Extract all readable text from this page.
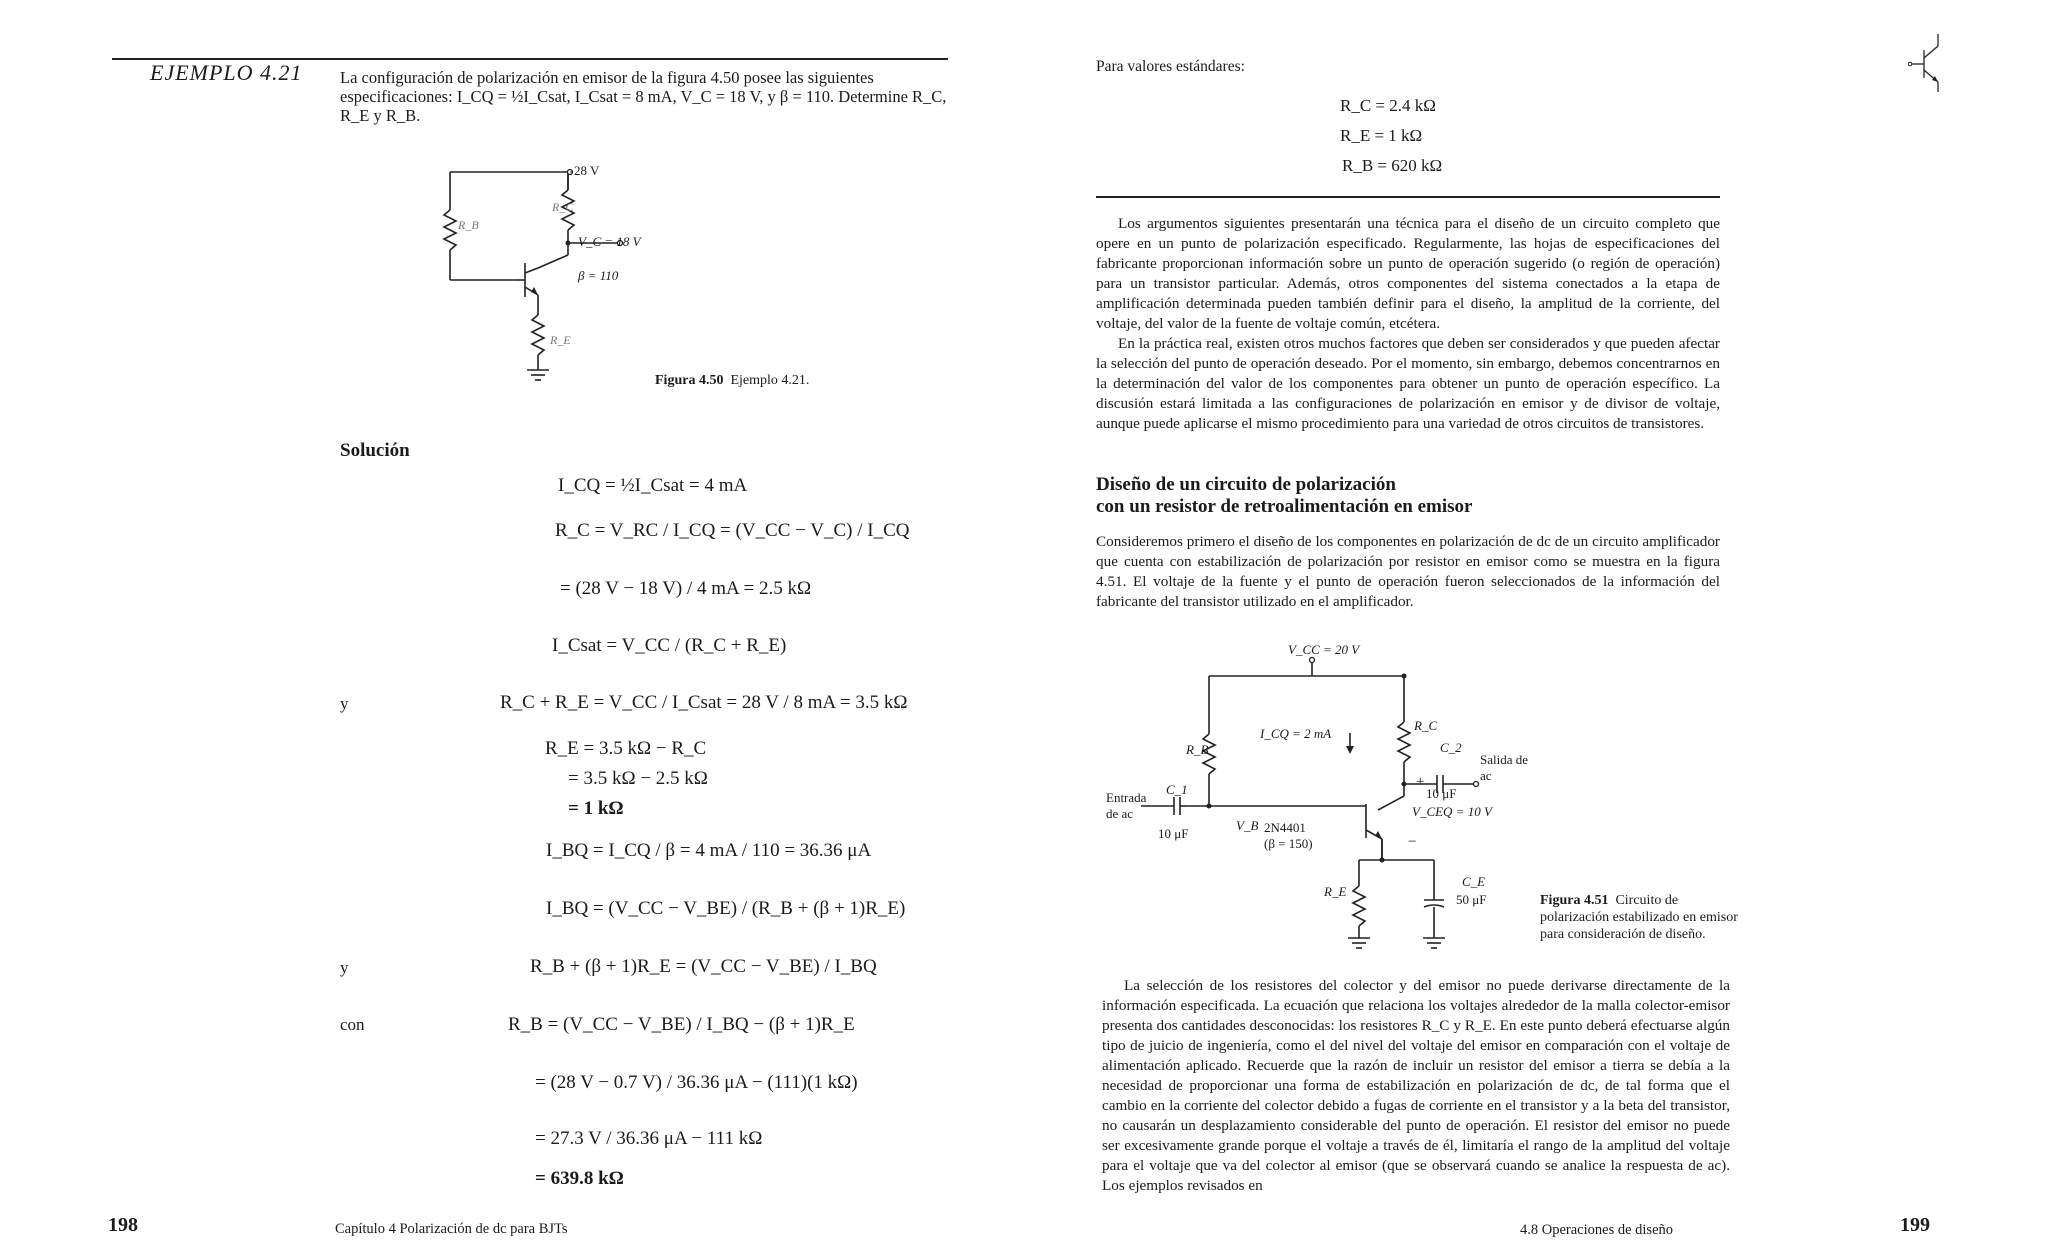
EJEMPLO 4.21 La configuración de polarización en emisor de la figura 4.50 posee las siguientes especificaciones: I_CQ = ½I_Csat, I_Csat = 8 mA, V_C = 18 V, y β = 110. Determine R_C, R_E y R_B.
28 V
V_C = 18 V
β = 110
R_C
R_B
R_E
Figura 4.50 Ejemplo 4.21.
Solución
y
y
con
I_CQ = ½I_Csat = 4 mA
R_C = V_RC / I_CQ = (V_CC − V_C) / I_CQ
= (28 V − 18 V) / 4 mA = 2.5 kΩ
I_Csat = V_CC / (R_C + R_E)
R_C + R_E = V_CC / I_Csat = 28 V / 8 mA = 3.5 kΩ
R_E = 3.5 kΩ − R_C
= 3.5 kΩ − 2.5 kΩ
= 1 kΩ
I_BQ = I_CQ / β = 4 mA / 110 = 36.36 μA
I_BQ = (V_CC − V_BE) / (R_B + (β + 1)R_E)
R_B + (β + 1)R_E = (V_CC − V_BE) / I_BQ
R_B = (V_CC − V_BE) / I_BQ − (β + 1)R_E
= (28 V − 0.7 V) / 36.36 μA − (111)(1 kΩ)
= 27.3 V / 36.36 μA − 111 kΩ
= 639.8 kΩ
198	Capítulo 4 Polarización de dc para BJTs
Para valores estándares:
R_C = 2.4 kΩ
R_E = 1 kΩ
R_B = 620 kΩ

Los argumentos siguientes presentarán una técnica para el diseño de un circuito completo que opere en un punto de polarización especificado. Regularmente, las hojas de especificaciones del fabricante proporcionan información sobre un punto de operación sugerido (o región de operación) para un transistor particular. Además, otros componentes del sistema conectados a la etapa de amplificación determinada pueden también definir para el diseño, la amplitud de la corriente, del voltaje, del valor de la fuente de voltaje común, etcétera.

En la práctica real, existen otros muchos factores que deben ser considerados y que pueden afectar la selección del punto de operación deseado. Por el momento, sin embargo, debemos concentrarnos en la determinación del valor de los componentes para obtener un punto de operación específico. La discusión estará limitada a las configuraciones de polarización en emisor y de divisor de voltaje, aunque puede aplicarse el mismo procedimiento para una variedad de otros circuitos de transistores.

Diseño de un circuito de polarización
con un resistor de retroalimentación en emisor
Consideremos primero el diseño de los componentes en polarización de dc de un circuito amplificador que cuenta con estabilización de polarización por resistor en emisor como se muestra en la figura 4.51. El voltaje de la fuente y el punto de operación fueron seleccionados de la información del fabricante del transistor utilizado en el amplificador.
V_CC = 20 V
I_CQ = 2 mA
R_C
R_B
R_E
C_1
10 μF
C_2
10 μF
C_E
50 μF
Entrada de ac
Salida de ac
V_B 2N4401
(β = 150)
V_CEQ = 10 V
+
−
Figura 4.51 Circuito de polarización estabilizado en emisor para consideración de diseño.

La selección de los resistores del colector y del emisor no puede derivarse directamente de la información especificada. La ecuación que relaciona los voltajes alrededor de la malla colector-emisor presenta dos cantidades desconocidas: los resistores R_C y R_E. En este punto deberá efectuarse algún tipo de juicio de ingeniería, como el del nivel del voltaje del emisor en comparación con el voltaje de alimentación aplicado. Recuerde que la razón de incluir un resistor del emisor a tierra se debía a la necesidad de proporcionar una forma de estabilización en polarización de dc, de tal forma que el cambio en la corriente del colector debido a fugas de corriente en el transistor y a la beta del transistor, no causarán un desplazamiento considerable del punto de operación. El resistor del emisor no puede ser excesivamente grande porque el voltaje a través de él, limitaría el rango de la amplitud del voltaje para el voltaje que va del colector al emisor (que se observará cuando se analice la respuesta de ac). Los ejemplos revisados en

4.8 Operaciones de diseño	199
